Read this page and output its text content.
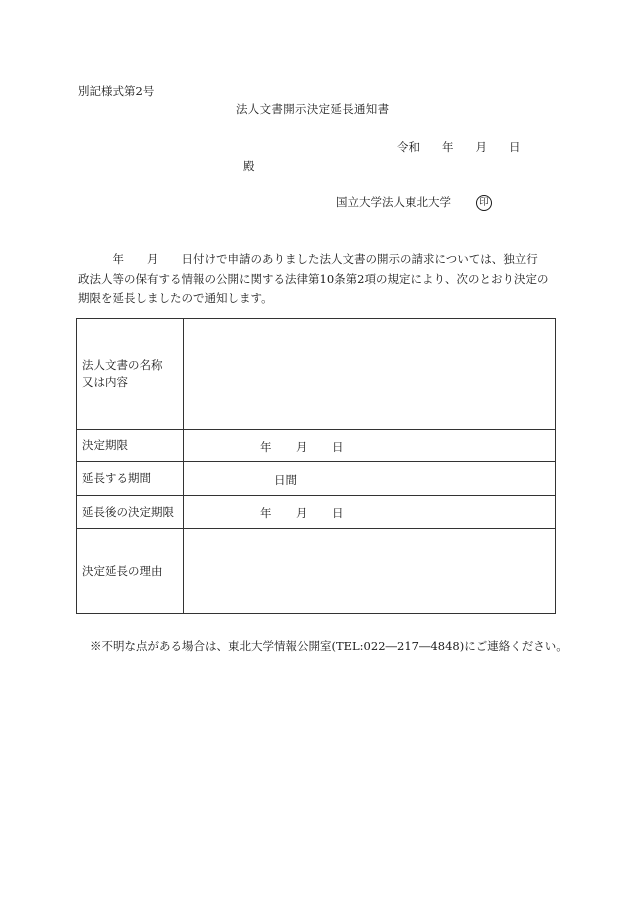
別記様式第2号
法人文書開示決定延長通知書
令和 年 月 日
殿
国立大学法人東北大学	印
　　　年　　月　　日付けで申請のありました法人文書の開示の請求については、独立行
政法人等の保有する情報の公開に関する法律第10条第2項の規定により、次のとおり決定の
期限を延長しましたので通知します。
法人文書の名称
又は内容	

決定期限	年 月 日

延長する期間	日間

延長後の決定期限	年 月 日

決定延長の理由	
※不明な点がある場合は、東北大学情報公開室(TEL:022―217―4848)にご連絡ください。
